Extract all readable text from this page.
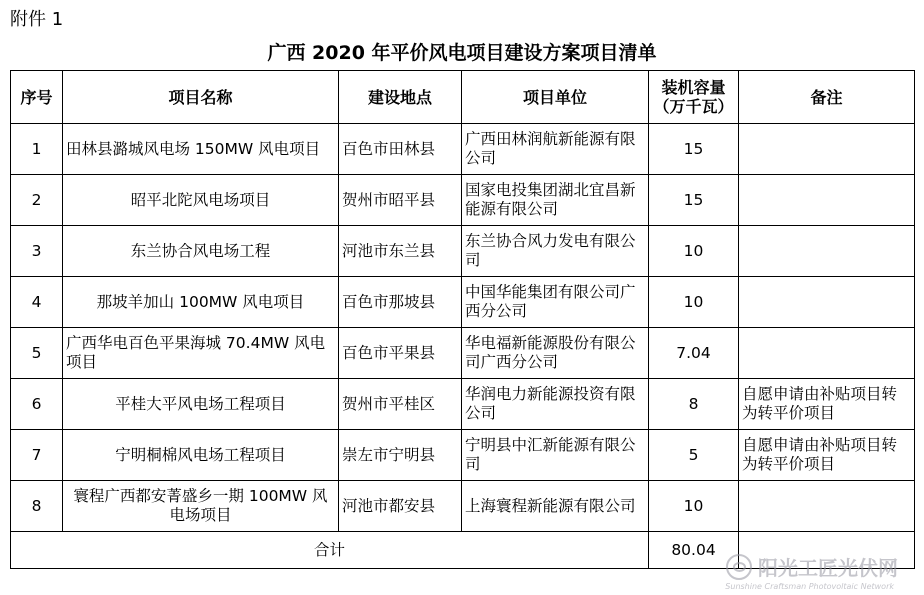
附件 1
广西 2020 年平价风电项目建设方案项目清单
序号	项目名称	建设地点	项目单位	装机容量（万千瓦）	备注
1	田林县潞城风电场 150MW 风电项目	百色市田林县	广西田林润航新能源有限公司	15	
2	昭平北陀风电场项目	贺州市昭平县	国家电投集团湖北宜昌新能源有限公司	15	
3	东兰协合风电场工程	河池市东兰县	东兰协合风力发电有限公司	10	
4	那坡羊加山 100MW 风电项目	百色市那坡县	中国华能集团有限公司广西分公司	10	
5	广西华电百色平果海城 70.4MW 风电项目	百色市平果县	华电福新能源股份有限公司广西分公司	7.04	
6	平桂大平风电场工程项目	贺州市平桂区	华润电力新能源投资有限公司	8	自愿申请由补贴项目转为转平价项目
7	宁明桐棉风电场工程项目	崇左市宁明县	宁明县中汇新能源有限公司	5	自愿申请由补贴项目转为转平价项目
8	寰程广西都安菁盛乡一期 100MW 风电场项目	河池市都安县	上海寰程新能源有限公司	10	
合计				80.04	
阳光工匠光伏网
Sunshine Craftsman Photovoltaic Network
